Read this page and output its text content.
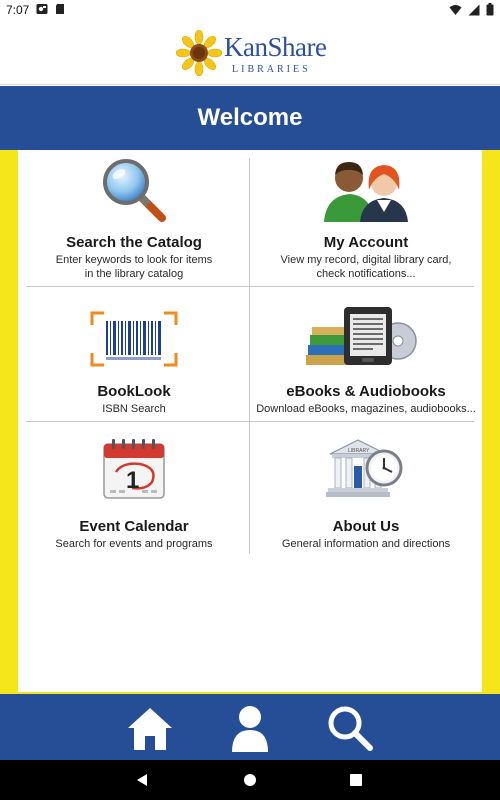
7:07
KanShare
LIBRARIES
Welcome
Search the Catalog
Enter keywords to look for items
in the library catalog
My Account
View my record, digital library card,
check notifications...
BookLook
ISBN Search
eBooks & Audiobooks
Download eBooks, magazines, audiobooks...
1
Event Calendar
Search for events and programs
LIBRARY
About Us
General information and directions
